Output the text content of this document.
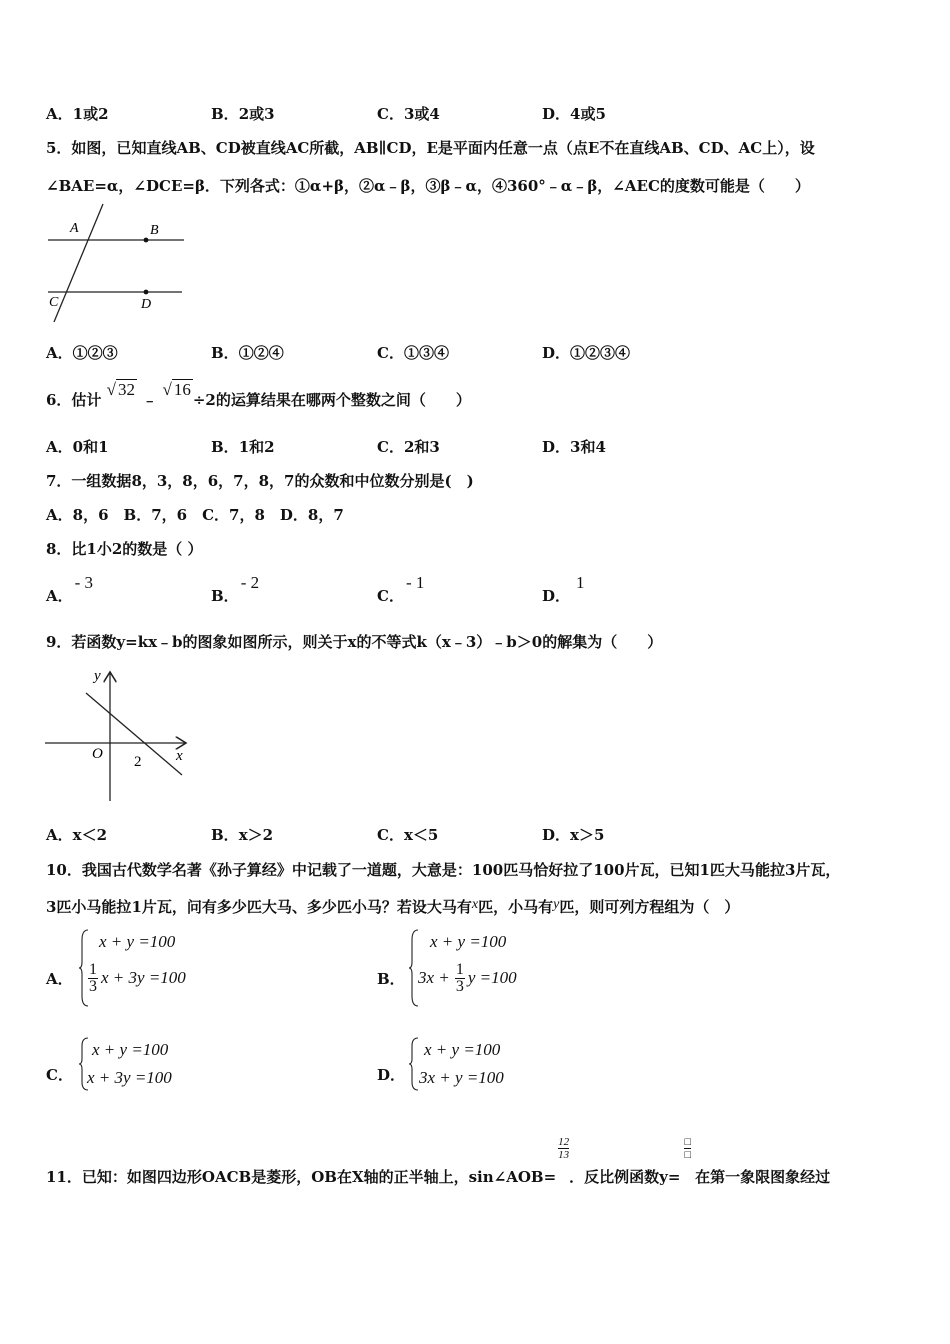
A．1或2	B．2或3	C．3或4	D．4或5
5．如图，已知直线AB、CD被直线AC所截，AB∥CD，E是平面内任意一点（点E不在直线AB、CD、AC上），设
∠BAE=α，∠DCE=β．下列各式：①α+β，②α﹣β，③β﹣α，④360°﹣α﹣β，∠AEC的度数可能是（　　）
A	B
C	D
A．①②③	B．①②④	C．①③④	D．①②③④
6．估计 √ 32 ﹣ √ 16÷2的运算结果在哪两个整数之间（　　）
A．0和1	B．1和2	C．2和3	D．3和4
7．一组数据8，3，8，6，7，8，7的众数和中位数分别是(　)
A．8，6　B．7，6　C．7，8　D．8，7
8．比1小2的数是（ ）
A．- 3
B．- 2
C．- 1
D．1
9．若函数y=kx﹣b的图象如图所示，则关于x的不等式k（x﹣3）﹣b＞0的解集为（　　）
y
x
O 2
A．x＜2	B．x＞2	C．x＜5	D．x＞5
10．我国古代数学名著《孙子算经》中记载了一道题，大意是：100匹马恰好拉了100片瓦，已知1匹大马能拉3片瓦，
3匹小马能拉1片瓦，问有多少匹大马、多少匹小马？若设大马有x匹，小马有y匹，则可列方程组为（　）
A．
x + y =100
$\frac{1}{3}$ x + 3y =100	B．
x + y =100
$3x + \frac{1}{3}$ y =100
C．
x + y =100
x + 3y =100	D．
x + y =100
3x + y =100
11．已知：如图四边形OACB是菱形，OB在X轴的正半轴上，sin∠AOB=
$\frac{12}{13}$．反比例函数y=
$\frac{□}{□}$在第一象限图象经过
